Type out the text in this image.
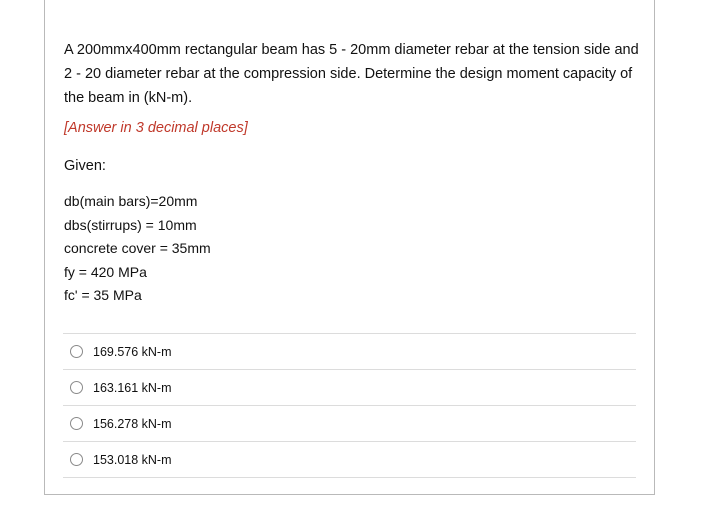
A 200mmx400mm rectangular beam has 5 - 20mm diameter rebar at the tension side and 2 - 20 diameter rebar at the compression side. Determine the design moment capacity of the beam in (kN-m).
[Answer in 3 decimal places]
Given:
db(main bars)=20mm
dbs(stirrups) = 10mm
concrete cover = 35mm
fy = 420 MPa
fc' = 35 MPa
169.576 kN-m
163.161 kN-m
156.278 kN-m
153.018 kN-m
